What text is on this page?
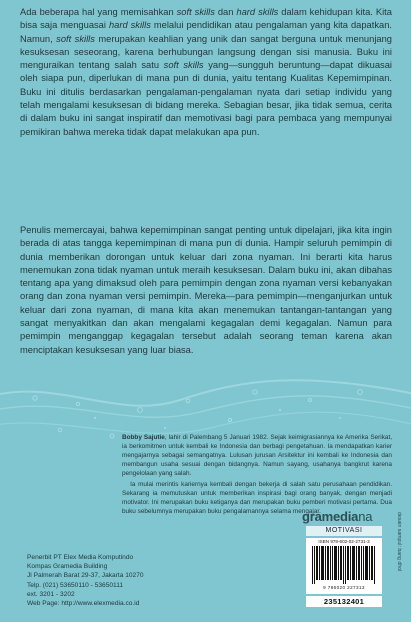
Ada beberapa hal yang memisahkan soft skills dan hard skills dalam kehidupan kita. Kita bisa saja menguasai hard skills melalui pendidikan atau pengalaman yang kita dapatkan. Namun, soft skills merupakan keahlian yang unik dan sangat berguna untuk menunjang kesuksesan seseorang, karena berhubungan langsung dengan sisi manusia. Buku ini menguraikan tentang salah satu soft skills yang—sungguh beruntung—dapat dikuasai oleh siapa pun, diperlukan di mana pun di dunia, yaitu tentang Kualitas Kepemimpinan. Buku ini ditulis berdasarkan pengalaman-pengalaman nyata dari setiap individu yang telah mengalami kesuksesan di bidang mereka. Sebagian besar, jika tidak semua, cerita di dalam buku ini sangat inspiratif dan memotivasi bagi para pembaca yang mempunyai pemikiran bahwa mereka tidak dapat melakukan apa pun.

Penulis memercayai, bahwa kepemimpinan sangat penting untuk dipelajari, jika kita ingin berada di atas tangga kepemimpinan di mana pun di dunia. Hampir seluruh pemimpin di dunia memberikan dorongan untuk keluar dari zona nyaman. Ini berarti kita harus menemukan zona tidak nyaman untuk meraih kesuksesan. Dalam buku ini, akan dibahas tentang apa yang dimaksud oleh para pemimpin dengan zona nyaman versi kebanyakan orang dan zona nyaman versi pemimpin. Mereka—para pemimpin—menganjurkan untuk keluar dari zona nyaman, di mana kita akan menemukan tantangan-tantangan yang sangat menyakitkan dan akan mengalami kegagalan demi kegagalan. Namun para pemimpin menganggap kegagalan tersebut adalah seorang teman karena akan menciptakan kesuksesan yang luar biasa.

Bobby Sajutie, lahir di Palembang 5 Januari 1982. Sejak keimigrasiannya ke Amerika Serikat, ia berkomitmen untuk kembali ke Indonesia dan berbagi pengetahuan. Ia mendapatkan karier mengajarnya sebagai semangatnya. Lulusan jurusan Arsitektur ini kembali ke Indonesia dan membangun usaha sesuai dengan bidangnya. Namun sayang, usahanya bangkrut karena pengelolaan yang salah.

Ia mulai merintis kariernya kembali dengan bekerja di salah satu perusahaan pendidikan. Sekarang ia memutuskan untuk memberikan inspirasi bagi orang banyak, dengan menjadi motivator. Ini merupakan buku ketiganya dan merupakan buku pemberi motivasi pertama. Dua buku sebelumnya merupakan buku pengalamannya selama mengajar.

Penerbit PT Elex Media Komputindo
Kompas Gramedia Building
Jl Palmerah Barat 29-37, Jakarta 10270
Telp. (021) 53650110 - 53650111
ext. 3201 - 3202
Web Page: http://www.elexmedia.co.id
gramediana
MOTIVASI
ISBN 978-602-02-2731-3
9 786020 227313
235132401
desain sampul: bang dhol
